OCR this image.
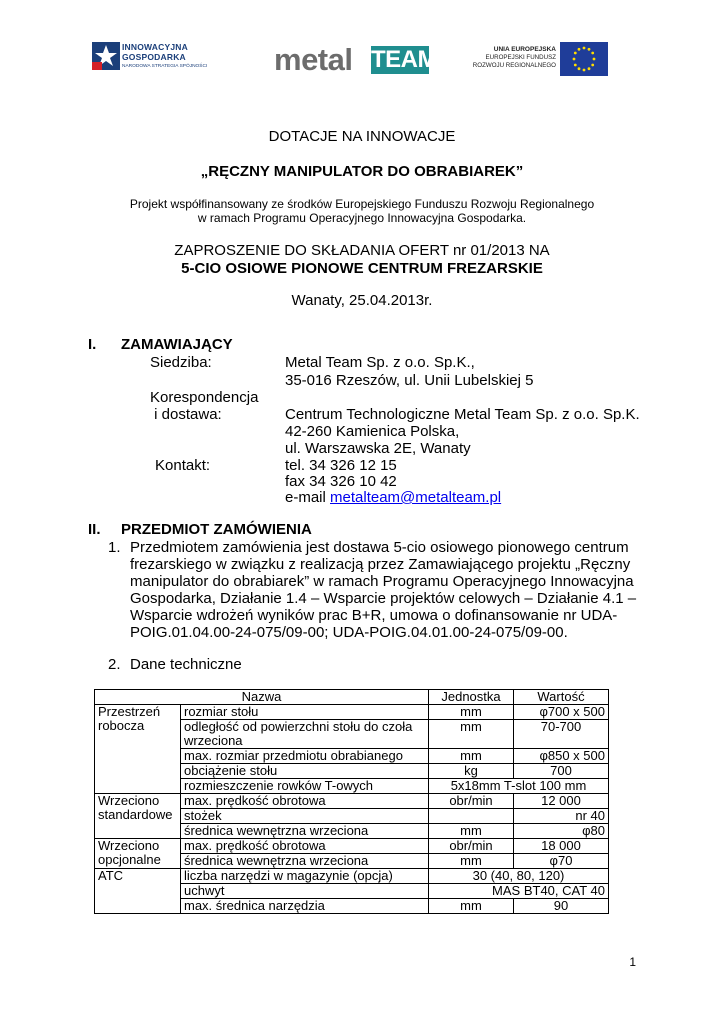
INNOWACYJNA
GOSPODARKA
NARODOWA STRATEGIA SPÓJNOŚCI metal TEAM	UNIA EUROPEJSKA
EUROPEJSKI FUNDUSZ
ROZWOJU REGIONALNEGO
DOTACJE NA INNOWACJE
„RĘCZNY MANIPULATOR DO OBRABIAREK”
Projekt współfinansowany ze środków Europejskiego Funduszu Rozwoju Regionalnego
w ramach Programu Operacyjnego Innowacyjna Gospodarka.
ZAPROSZENIE DO SKŁADANIA OFERT nr 01/2013 NA
5-CIO OSIOWE PIONOWE CENTRUM FREZARSKIE
Wanaty, 25.04.2013r.
I. ZAMAWIAJĄCY
Siedziba:	Metal Team Sp. z o.o. Sp.K.,
35-016 Rzeszów, ul. Unii Lubelskiej 5
Korespondencja
i dostawa:	Centrum Technologiczne Metal Team Sp. z o.o. Sp.K.
42-260 Kamienica Polska,
ul. Warszawska 2E, Wanaty
Kontakt:	tel. 34 326 12 15
fax 34 326 10 42
e-mail metalteam@metalteam.pl
II. PRZEDMIOT ZAMÓWIENIA
1. Przedmiotem zamówienia jest dostawa 5-cio osiowego pionowego centrum
frezarskiego w związku z realizacją przez Zamawiającego projektu „Ręczny
manipulator do obrabiarek” w ramach Programu Operacyjnego Innowacyjna
Gospodarka, Działanie 1.4 – Wsparcie projektów celowych – Działanie 4.1 –
Wsparcie wdrożeń wyników prac B+R, umowa o dofinansowanie nr UDA-
POIG.01.04.00-24-075/09-00; UDA-POIG.04.01.00-24-075/09-00.
2. Dane techniczne
Nazwa		Jednostka	Wartość

Przestrzeń
robocza	rozmiar stołu	mm	φ700 x 500
	odległość od powierzchni stołu do czoła wrzeciona	mm	70-700
	max. rozmiar przedmiotu obrabianego	mm	φ850 x 500
	obciążenie stołu	kg	700
	rozmieszczenie rowków T-owych	5x18mm T-slot 100 mm	

Wrzeciono
standardowe	max. prędkość obrotowa	obr/min	12 000
	stożek		nr 40
	średnica wewnętrzna wrzeciona	mm	φ80

Wrzeciono
opcjonalne	max. prędkość obrotowa	obr/min	18 000
	średnica wewnętrzna wrzeciona	mm	φ70
ATC	liczba narzędzi w magazynie (opcja)	30 (40, 80, 120)	
	uchwyt	MAS BT40, CAT 40	
	max. średnica narzędzia	mm	90
1
